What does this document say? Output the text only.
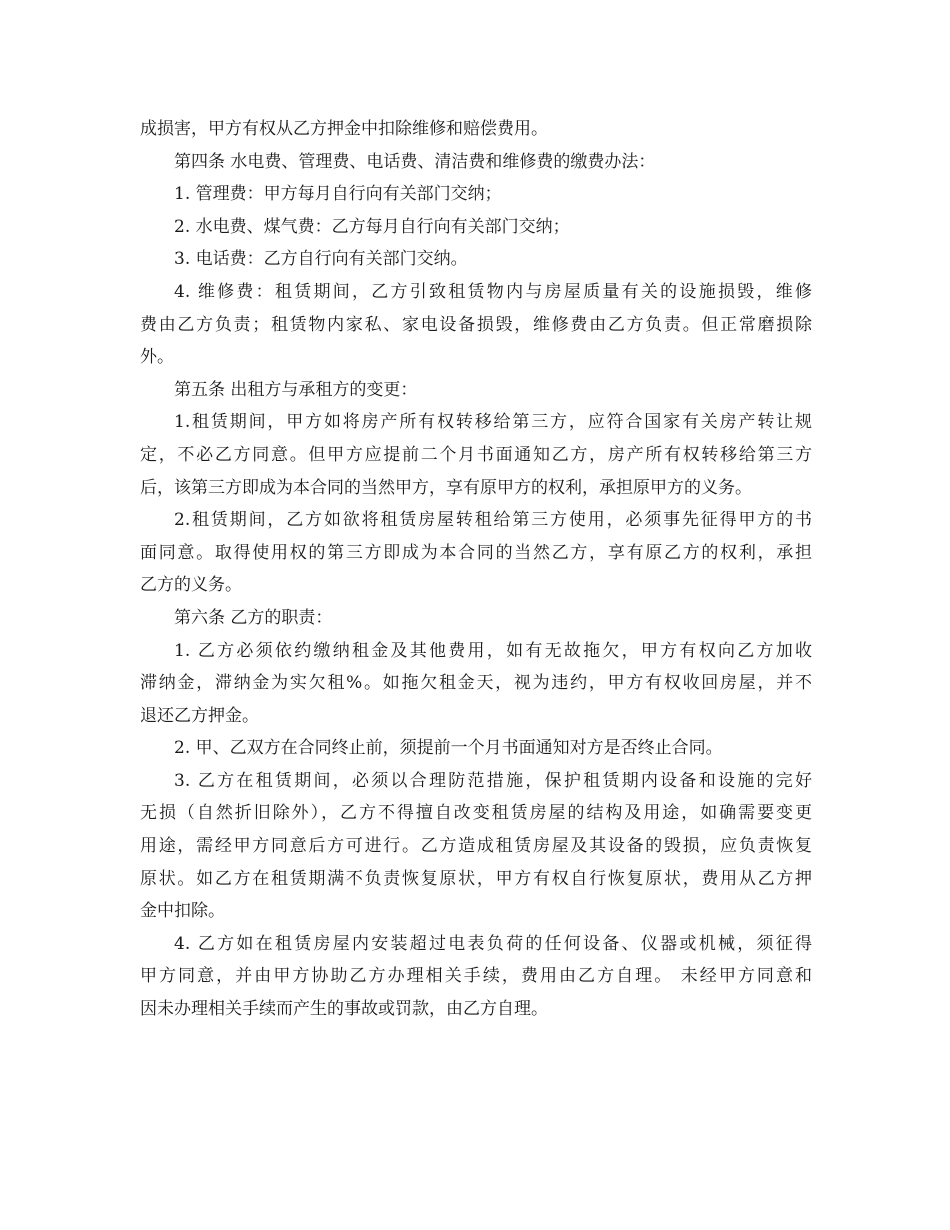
成损害，甲方有权从乙方押金中扣除维修和赔偿费用。

第四条 水电费、管理费、电话费、清洁费和维修费的缴费办法：

1. 管理费：甲方每月自行向有关部门交纳；

2. 水电费、煤气费：乙方每月自行向有关部门交纳；

3. 电话费：乙方自行向有关部门交纳。

4. 维修费：租赁期间，乙方引致租赁物内与房屋质量有关的设施损毁，维修
费由乙方负责；租赁物内家私、家电设备损毁，维修费由乙方负责。但正常磨损除
外。

第五条 出租方与承租方的变更：

1.租赁期间，甲方如将房产所有权转移给第三方，应符合国家有关房产转让规
定，不必乙方同意。但甲方应提前二个月书面通知乙方，房产所有权转移给第三方
后，该第三方即成为本合同的当然甲方，享有原甲方的权利，承担原甲方的义务。

2.租赁期间，乙方如欲将租赁房屋转租给第三方使用，必须事先征得甲方的书
面同意。取得使用权的第三方即成为本合同的当然乙方，享有原乙方的权利，承担
乙方的义务。

第六条 乙方的职责：

1. 乙方必须依约缴纳租金及其他费用，如有无故拖欠，甲方有权向乙方加收
滞纳金，滞纳金为实欠租%。如拖欠租金天，视为违约，甲方有权收回房屋，并不
退还乙方押金。

2. 甲、乙双方在合同终止前，须提前一个月书面通知对方是否终止合同。

3. 乙方在租赁期间，必须以合理防范措施，保护租赁期内设备和设施的完好
无损（自然折旧除外），乙方不得擅自改变租赁房屋的结构及用途，如确需要变更
用途，需经甲方同意后方可进行。乙方造成租赁房屋及其设备的毁损，应负责恢复
原状。如乙方在租赁期满不负责恢复原状，甲方有权自行恢复原状，费用从乙方押
金中扣除。

4. 乙方如在租赁房屋内安装超过电表负荷的任何设备、仪器或机械，须征得
甲方同意，并由甲方协助乙方办理相关手续，费用由乙方自理。 未经甲方同意和
因未办理相关手续而产生的事故或罚款，由乙方自理。
